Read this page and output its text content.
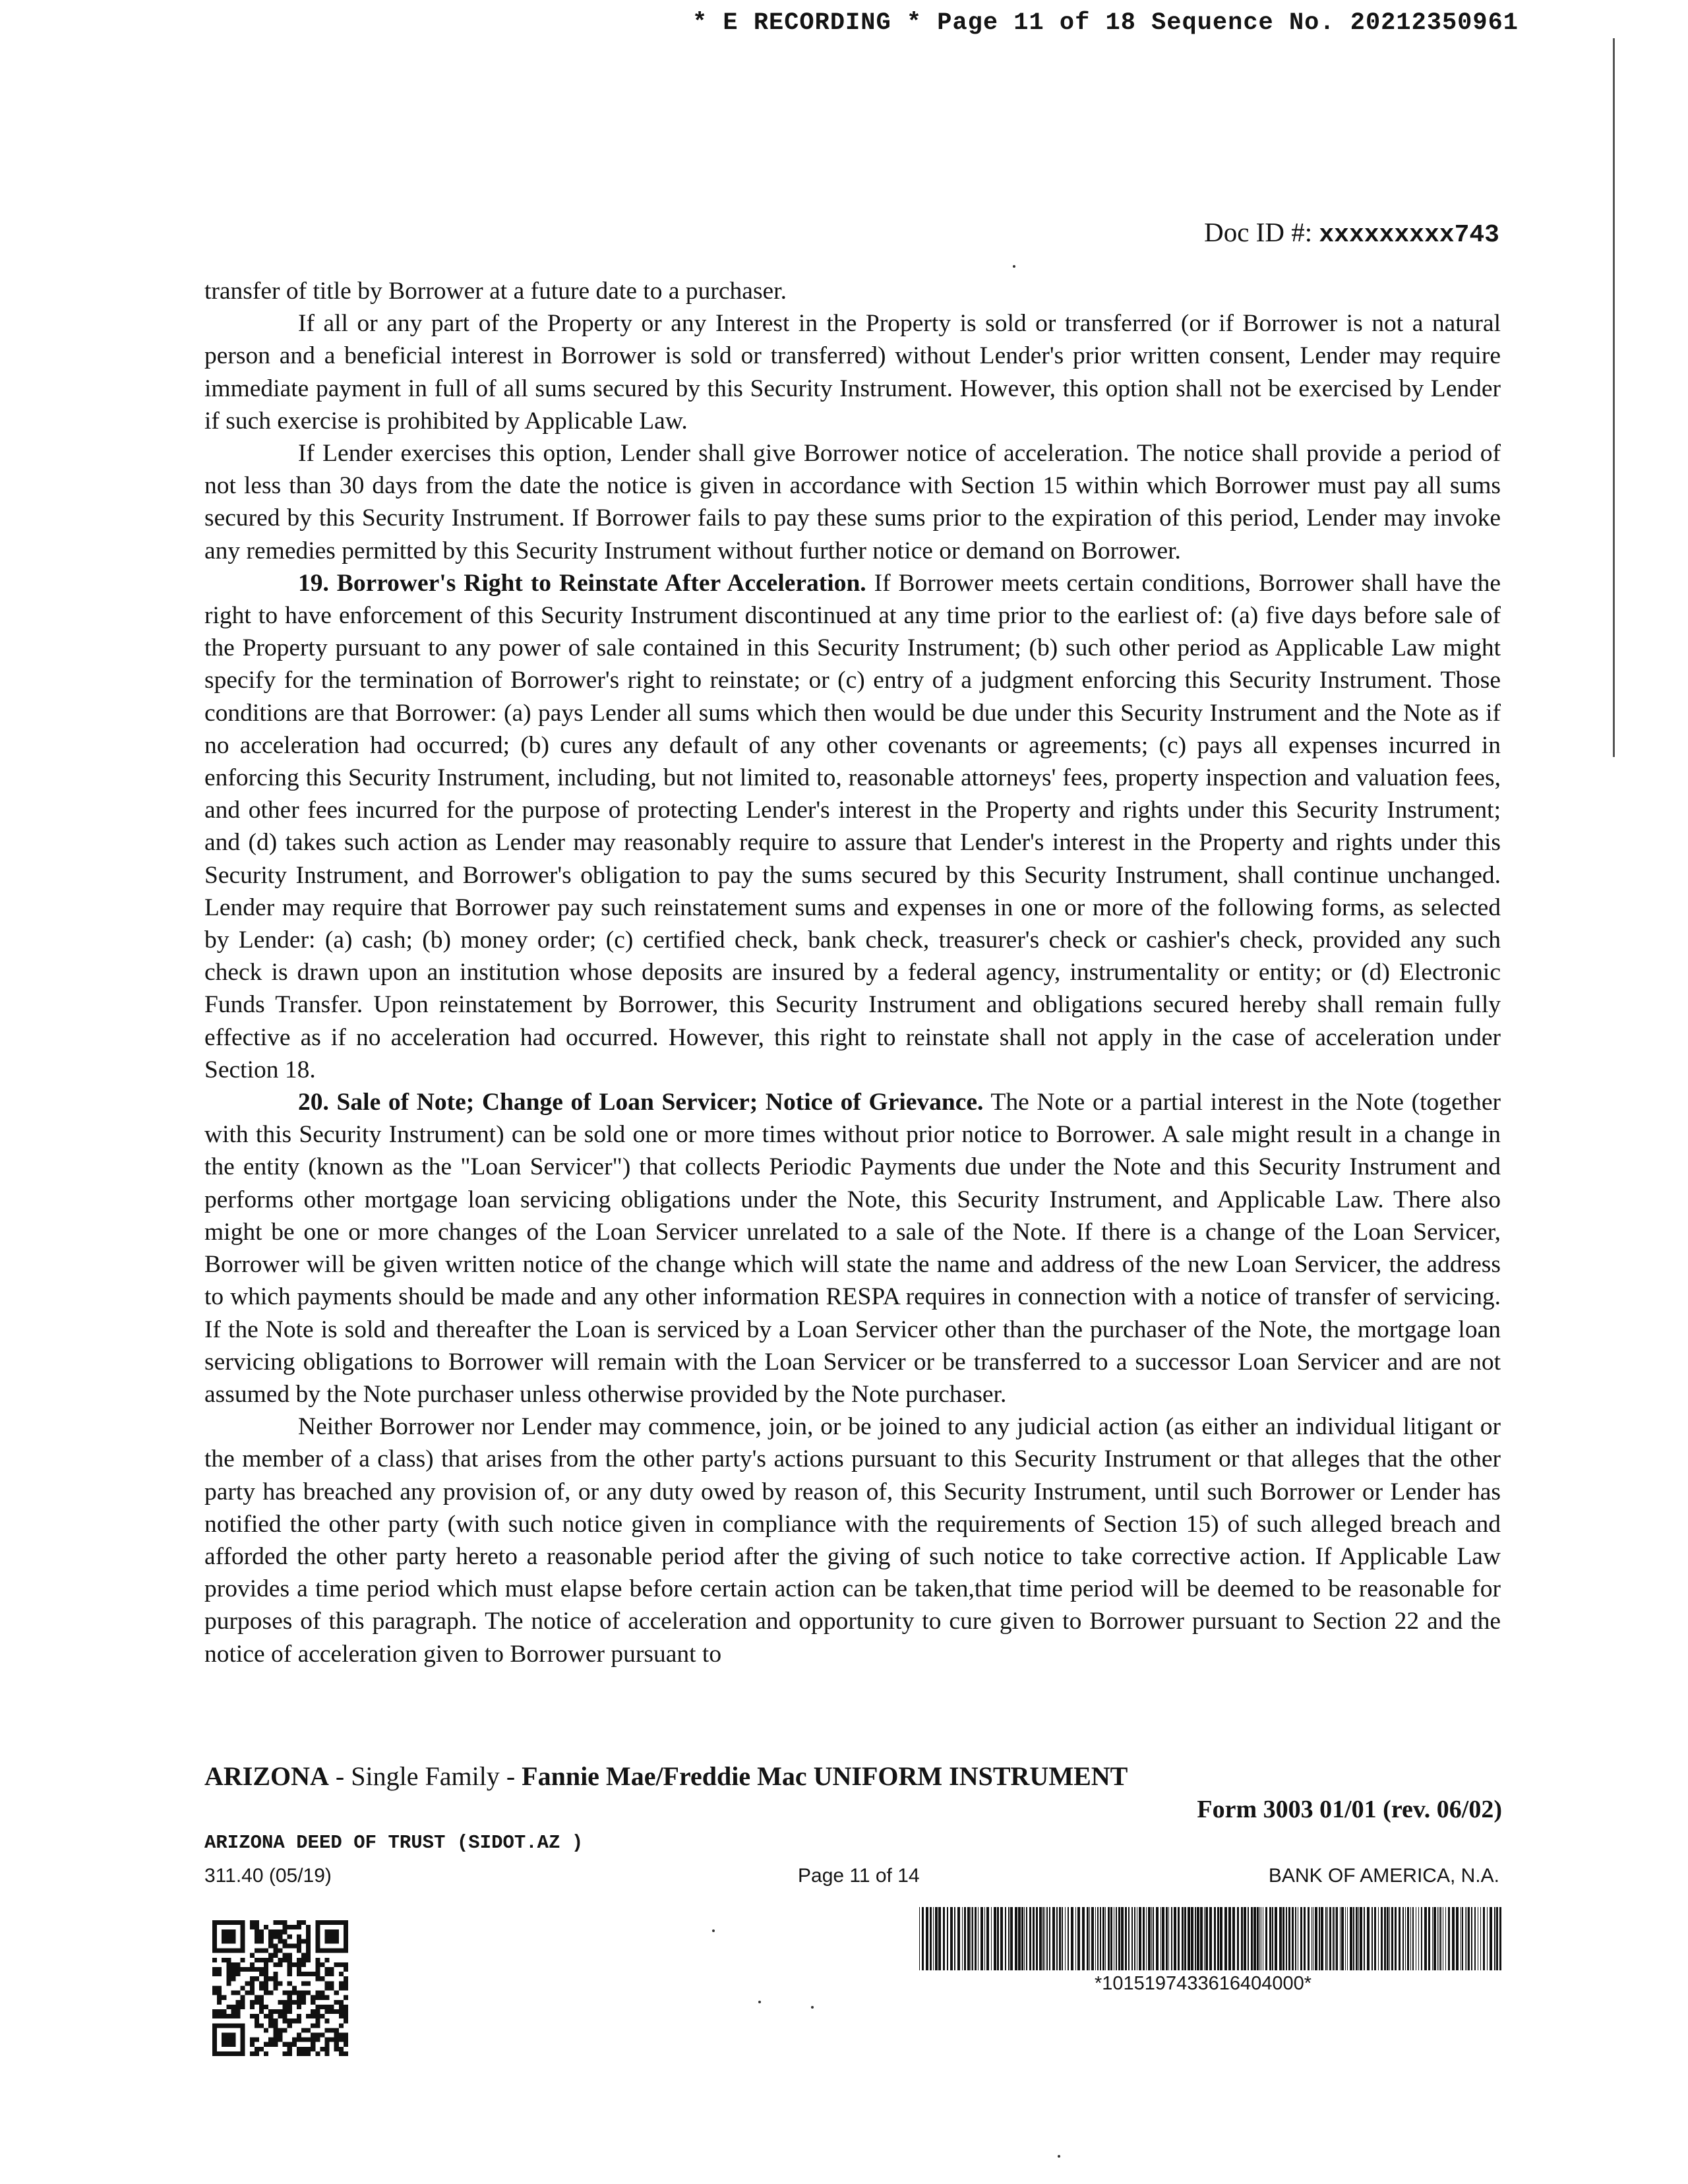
* E RECORDING * Page 11 of 18 Sequence No. 20212350961
Doc ID #: xxxxxxxxx743

transfer of title by Borrower at a future date to a purchaser.

If all or any part of the Property or any Interest in the Property is sold or transferred (or if Borrower is not a natural person and a beneficial interest in Borrower is sold or transferred) without Lender's prior written consent, Lender may require immediate payment in full of all sums secured by this Security Instrument. However, this option shall not be exercised by Lender if such exercise is prohibited by Applicable Law.

If Lender exercises this option, Lender shall give Borrower notice of acceleration. The notice shall provide a period of not less than 30 days from the date the notice is given in accordance with Section 15 within which Borrower must pay all sums secured by this Security Instrument. If Borrower fails to pay these sums prior to the expiration of this period, Lender may invoke any remedies permitted by this Security Instrument without further notice or demand on Borrower.

19. Borrower's Right to Reinstate After Acceleration. If Borrower meets certain conditions, Borrower shall have the right to have enforcement of this Security Instrument discontinued at any time prior to the earliest of: (a) five days before sale of the Property pursuant to any power of sale contained in this Security Instrument; (b) such other period as Applicable Law might specify for the termination of Borrower's right to reinstate; or (c) entry of a judgment enforcing this Security Instrument. Those conditions are that Borrower: (a) pays Lender all sums which then would be due under this Security Instrument and the Note as if no acceleration had occurred; (b) cures any default of any other covenants or agreements; (c) pays all expenses incurred in enforcing this Security Instrument, including, but not limited to, reasonable attorneys' fees, property inspection and valuation fees, and other fees incurred for the purpose of protecting Lender's interest in the Property and rights under this Security Instrument; and (d) takes such action as Lender may reasonably require to assure that Lender's interest in the Property and rights under this Security Instrument, and Borrower's obligation to pay the sums secured by this Security Instrument, shall continue unchanged. Lender may require that Borrower pay such reinstatement sums and expenses in one or more of the following forms, as selected by Lender: (a) cash; (b) money order; (c) certified check, bank check, treasurer's check or cashier's check, provided any such check is drawn upon an institution whose deposits are insured by a federal agency, instrumentality or entity; or (d) Electronic Funds Transfer. Upon reinstatement by Borrower, this Security Instrument and obligations secured hereby shall remain fully effective as if no acceleration had occurred. However, this right to reinstate shall not apply in the case of acceleration under Section 18.

20. Sale of Note; Change of Loan Servicer; Notice of Grievance. The Note or a partial interest in the Note (together with this Security Instrument) can be sold one or more times without prior notice to Borrower. A sale might result in a change in the entity (known as the "Loan Servicer") that collects Periodic Payments due under the Note and this Security Instrument and performs other mortgage loan servicing obligations under the Note, this Security Instrument, and Applicable Law. There also might be one or more changes of the Loan Servicer unrelated to a sale of the Note. If there is a change of the Loan Servicer, Borrower will be given written notice of the change which will state the name and address of the new Loan Servicer, the address to which payments should be made and any other information RESPA requires in connection with a notice of transfer of servicing. If the Note is sold and thereafter the Loan is serviced by a Loan Servicer other than the purchaser of the Note, the mortgage loan servicing obligations to Borrower will remain with the Loan Servicer or be transferred to a successor Loan Servicer and are not assumed by the Note purchaser unless otherwise provided by the Note purchaser.

Neither Borrower nor Lender may commence, join, or be joined to any judicial action (as either an individual litigant or the member of a class) that arises from the other party's actions pursuant to this Security Instrument or that alleges that the other party has breached any provision of, or any duty owed by reason of, this Security Instrument, until such Borrower or Lender has notified the other party (with such notice given in compliance with the requirements of Section 15) of such alleged breach and afforded the other party hereto a reasonable period after the giving of such notice to take corrective action. If Applicable Law provides a time period which must elapse before certain action can be taken,that time period will be deemed to be reasonable for purposes of this paragraph. The notice of acceleration and opportunity to cure given to Borrower pursuant to Section 22 and the notice of acceleration given to Borrower pursuant to

ARIZONA - Single Family - Fannie Mae/Freddie Mac UNIFORM INSTRUMENT
Form 3003 01/01 (rev. 06/02)
ARIZONA DEED OF TRUST (SIDOT.AZ )
311.40 (05/19)	Page 11 of 14	BANK OF AMERICA, N.A.
*1015197433616404000*
